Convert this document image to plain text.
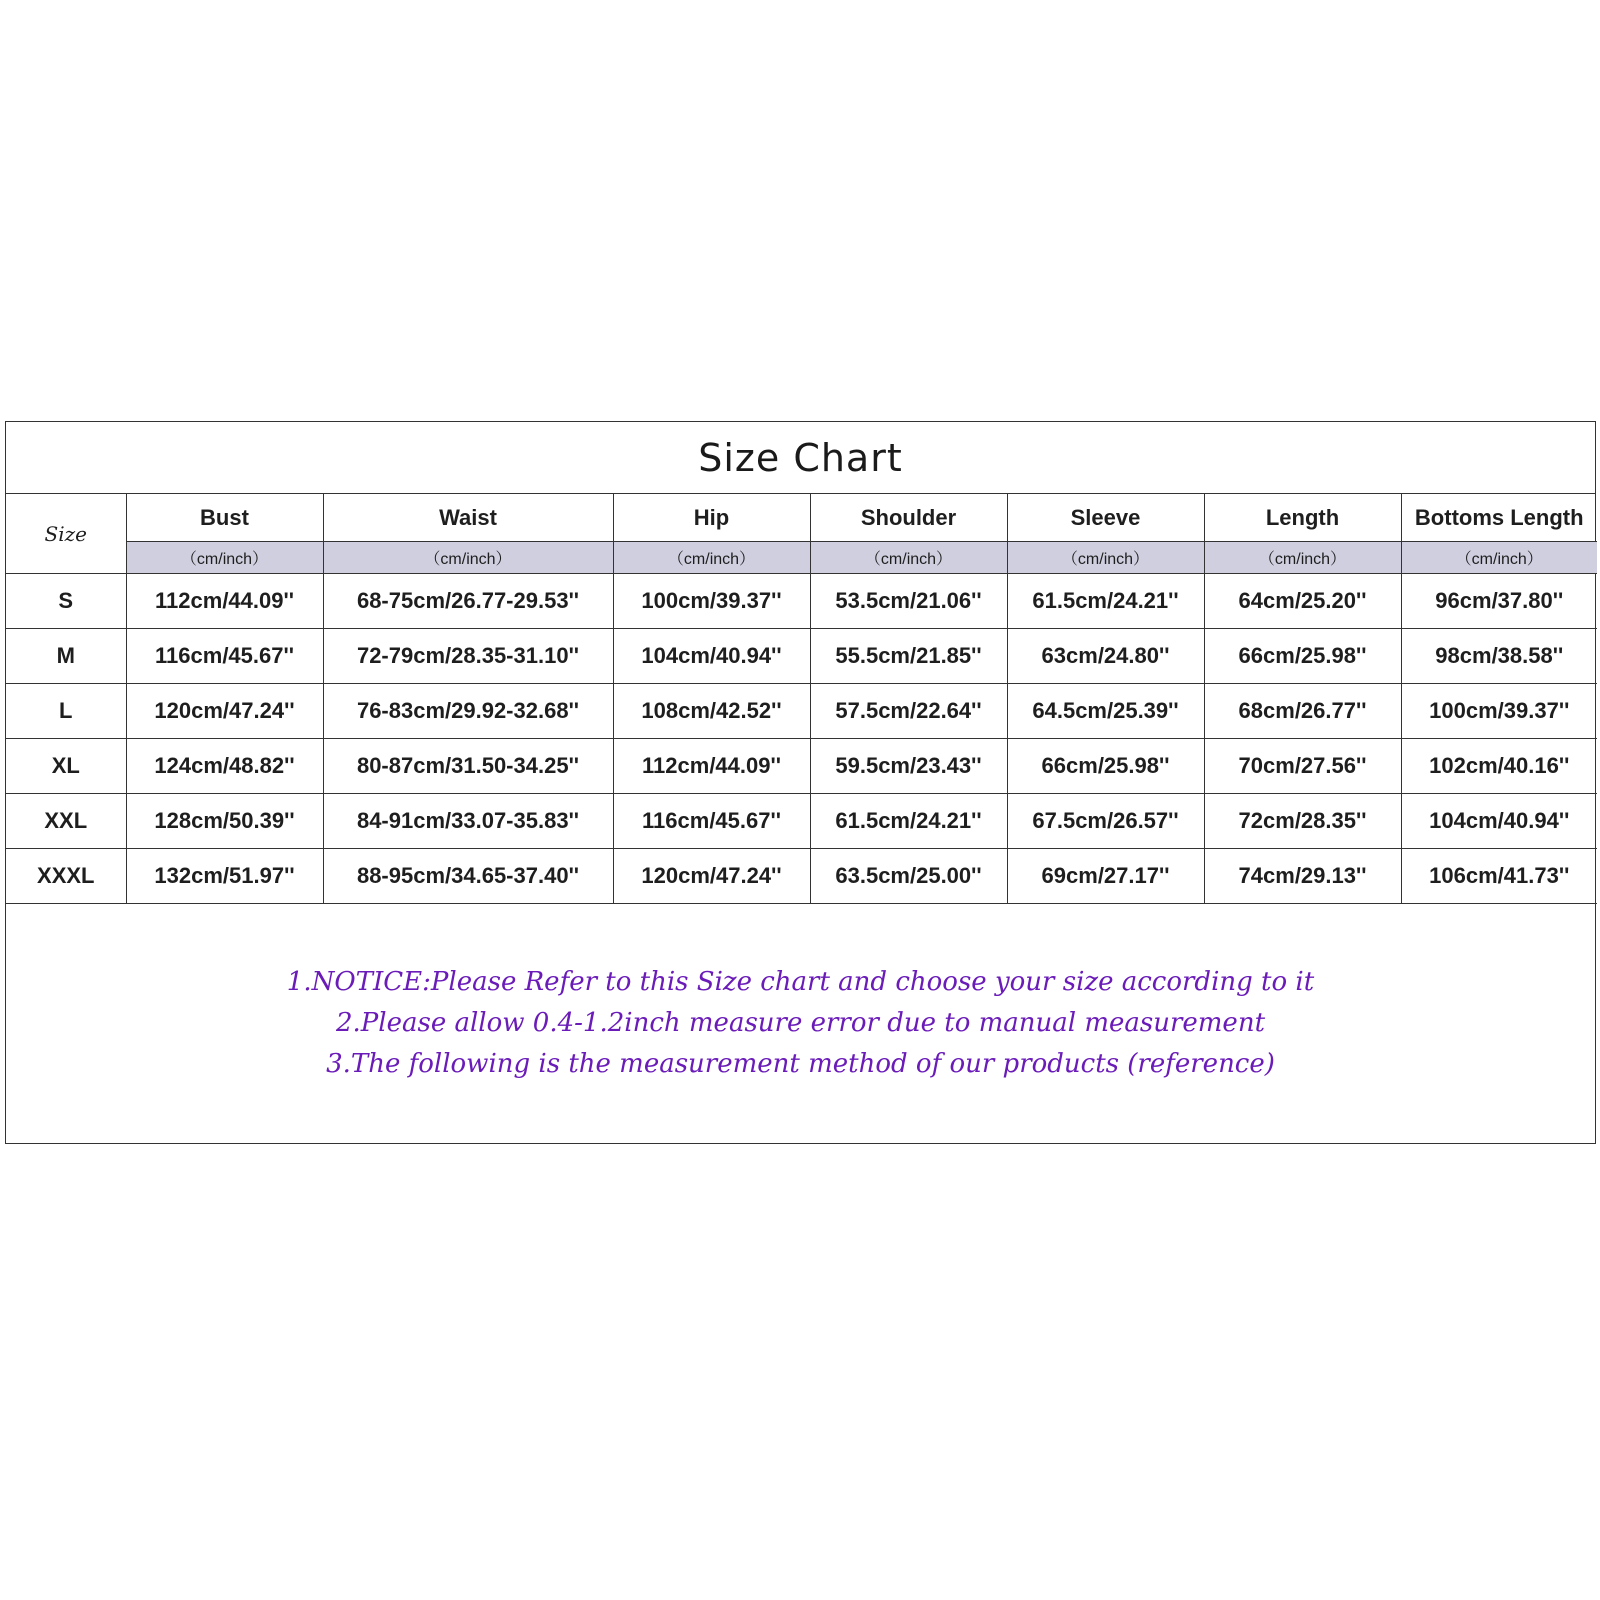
Size Chart
Size	Bust	Waist	Hip	Shoulder	Sleeve	Length	Bottoms Length
	（cm/inch）	（cm/inch）	（cm/inch）	（cm/inch）	（cm/inch）	（cm/inch）	（cm/inch）
S	112cm/44.09''	68-75cm/26.77-29.53''	100cm/39.37''	53.5cm/21.06''	61.5cm/24.21''	64cm/25.20''	96cm/37.80''
M	116cm/45.67''	72-79cm/28.35-31.10''	104cm/40.94''	55.5cm/21.85''	63cm/24.80''	66cm/25.98''	98cm/38.58''
L	120cm/47.24''	76-83cm/29.92-32.68''	108cm/42.52''	57.5cm/22.64''	64.5cm/25.39''	68cm/26.77''	100cm/39.37''
XL	124cm/48.82''	80-87cm/31.50-34.25''	112cm/44.09''	59.5cm/23.43''	66cm/25.98''	70cm/27.56''	102cm/40.16''
XXL	128cm/50.39''	84-91cm/33.07-35.83''	116cm/45.67''	61.5cm/24.21''	67.5cm/26.57''	72cm/28.35''	104cm/40.94''
XXXL	132cm/51.97''	88-95cm/34.65-37.40''	120cm/47.24''	63.5cm/25.00''	69cm/27.17''	74cm/29.13''	106cm/41.73''
1.NOTICE:Please Refer to this Size chart and choose your size according to it
2.Please allow 0.4-1.2inch measure error due to manual measurement
3.The following is the measurement method of our products (reference)
